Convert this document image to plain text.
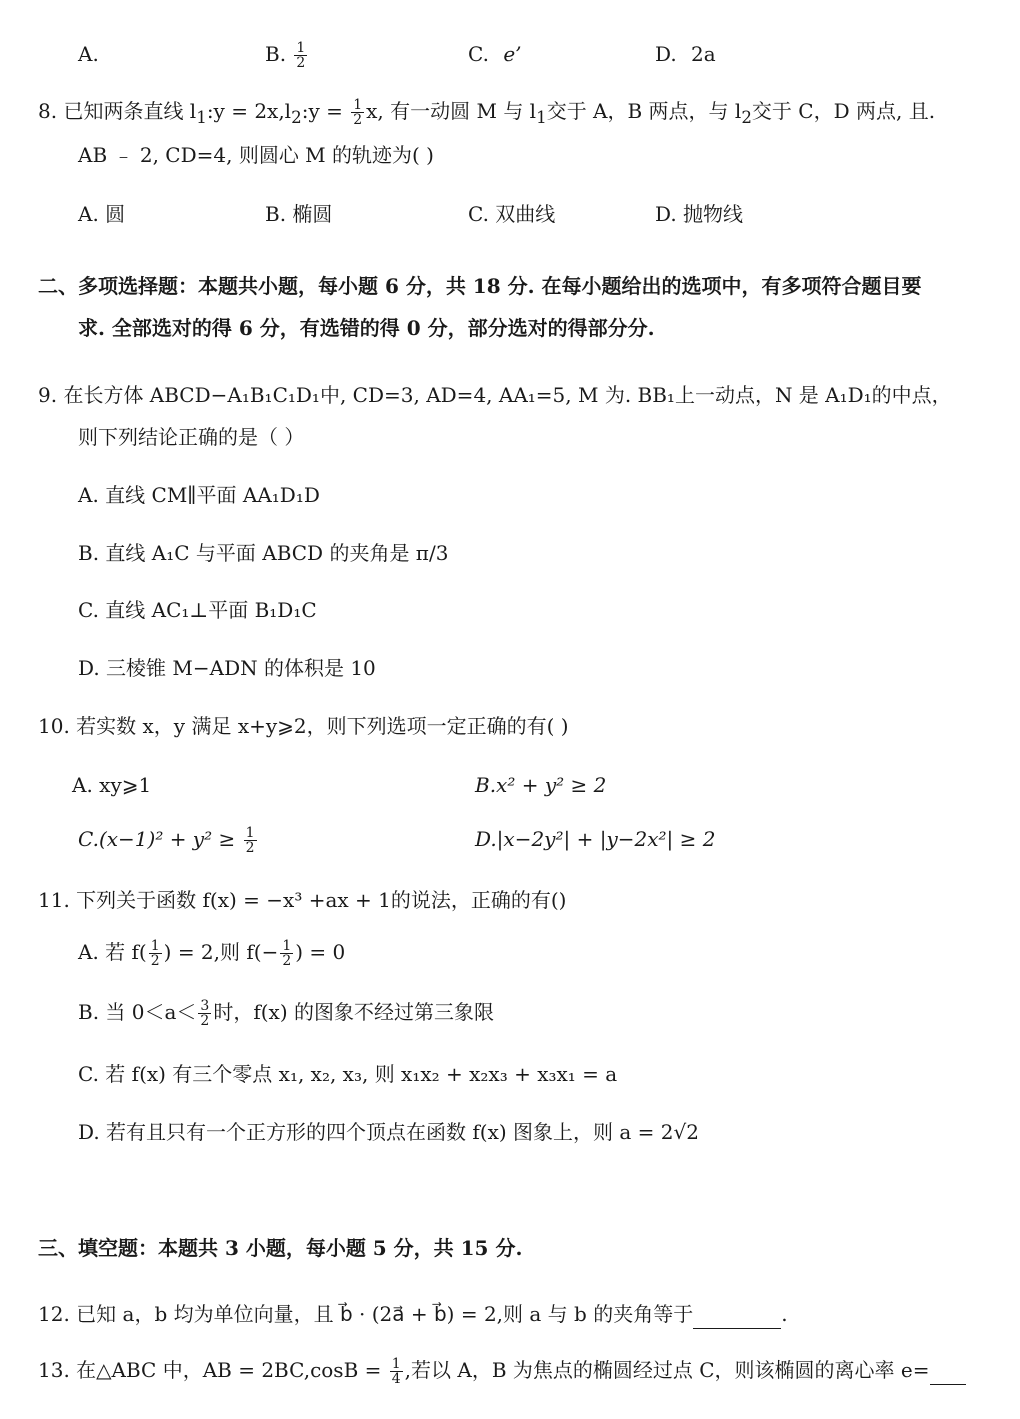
A.	B. $\frac{1}{2}$	C. e’	D. 2a
8. 已知两条直线 $l_1:y$ = $2x,l_2:y = \frac{1}{2} x$, 有一动圆 M 与 $l_1$交于 A，B 两点，与 $l_2$交于 C，D 两点, 且.
AB ﹣ 2, CD=4, 则圆心 M 的轨迹为( )
A. 圆	B. 椭圆	C. 双曲线	D. 抛物线
二、多项选择题：本题共小题，每小题 6 分，共 18 分. 在每小题给出的选项中，有多项符合题目要
求. 全部选对的得 6 分，有选错的得 0 分，部分选对的得部分分.
9. 在长方体 ABCD−A₁B₁C₁D₁中, CD=3, AD=4, AA₁=5, M 为. BB₁上一动点，N 是 A₁D₁的中点，
则下列结论正确的是（ ）
A. 直线 CM∥平面 AA₁D₁D
B. 直线 A₁C 与平面 ABCD 的夹角是 π/3
C. 直线 AC₁⊥平面 B₁D₁C
D. 三棱锥 M−ADN 的体积是 10
10. 若实数 x，y 满足 x+y⩾2，则下列选项一定正确的有( )
A. xy⩾1	B.x² + y² ≥ 2
$C.(x-1)^2 + y^2 \ge \frac{1}{2}$	D.|x−2y²| + |y−2x²| ≥ 2
11. 下列关于函数 f(x) = −x³ +ax + 1的说法，正确的有()
A. 若 $f( \frac{1}{2}$ ) = 2,则 $f(- \frac{1}{2}$ ) = 0
B. 当 $0<a< \frac{3}{2}$ 时，f(x) 的图象不经过第三象限
C. 若 f(x) 有三个零点 x₁, x₂, x₃, 则 x₁x₂ + x₂x₃ + x₃x₁ = a
D. 若有且只有一个正方形的四个顶点在函数 f(x) 图象上，则 a = 2√2
三、填空题：本题共 3 小题，每小题 5 分，共 15 分.
12. 已知 a，b 均为单位向量，且 b⃗ · (2a⃗ + b⃗) = 2,则 a 与 b 的夹角等于	.
13. 在△ABC 中，AB = $2BC,\cos B = \frac{1}{4}$ ,若以 A，B 为焦点的椭圆经过点 C，则该椭圆的离心率 e=
